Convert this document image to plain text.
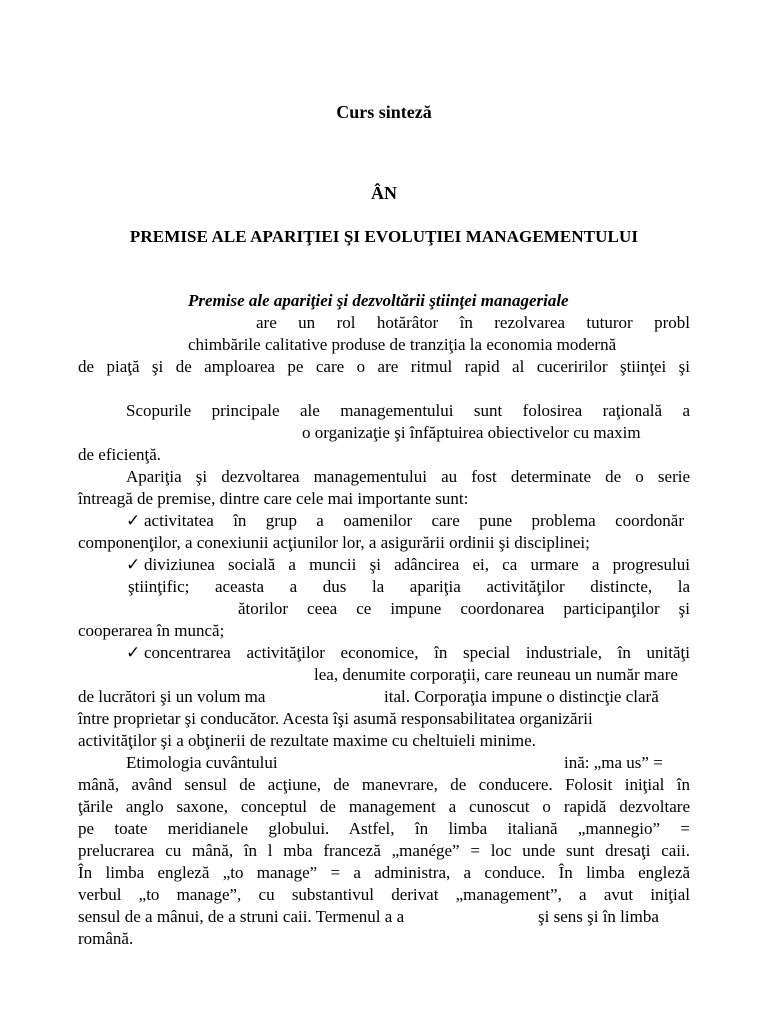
Curs sinteză
ÂN
PREMISE ALE APARIŢIEI ŞI EVOLUŢIEI MANAGEMENTULUI
Premise ale apariţiei şi dezvoltării ştiinţei manageriale
are un rol hotărâtor în rezolvarea tuturor probl
chimbările calitative produse de tranziţia la economia modernă
de piaţă şi de amploarea pe care o are ritmul rapid al cuceririlor ştiinţei şi
Scopurile principale ale managementului sunt folosirea raţională a
o organizaţie şi înfăptuirea obiectivelor cu maxim
de eficienţă.
Apariţia şi dezvoltarea managementului au fost determinate de o serie
întreagă de premise, dintre care cele mai importante sunt:
✓ activitatea în grup a oamenilor care pune problema coordonăr
componenţilor, a conexiunii acţiunilor lor, a asigurării ordinii şi disciplinei;
✓ diviziunea socială a muncii şi adâncirea ei, ca urmare a progresului
ştiinţific; aceasta a dus la apariţia activităţilor distincte, la
ătorilor ceea ce impune coordonarea participanţilor şi
cooperarea în muncă;
✓ concentrarea activităţilor economice, în special industriale, în unităţi
lea, denumite corporaţii, care reuneau un număr mare
de lucrători şi un volum ma	ital. Corporaţia impune o distincţie clară
între proprietar şi conducător. Acesta îşi asumă responsabilitatea organizării
activităţilor şi a obţinerii de rezultate maxime cu cheltuieli minime.
Etimologia cuvântului	ină: „ma us” =
mână, având sensul de acţiune, de manevrare, de conducere. Folosit iniţial în
ţările anglo saxone, conceptul de management a cunoscut o rapidă dezvoltare
pe toate meridianele globului. Astfel, în limba italiană „mannegio” =
prelucrarea cu mână, în l mba franceză „manége” = loc unde sunt dresaţi caii.
În limba engleză „to manage” = a administra, a conduce. În limba engleză
verbul „to manage”, cu substantivul derivat „management”, a avut iniţial
sensul de a mânui, de a struni caii. Termenul a a	şi sens şi în limba
română.
